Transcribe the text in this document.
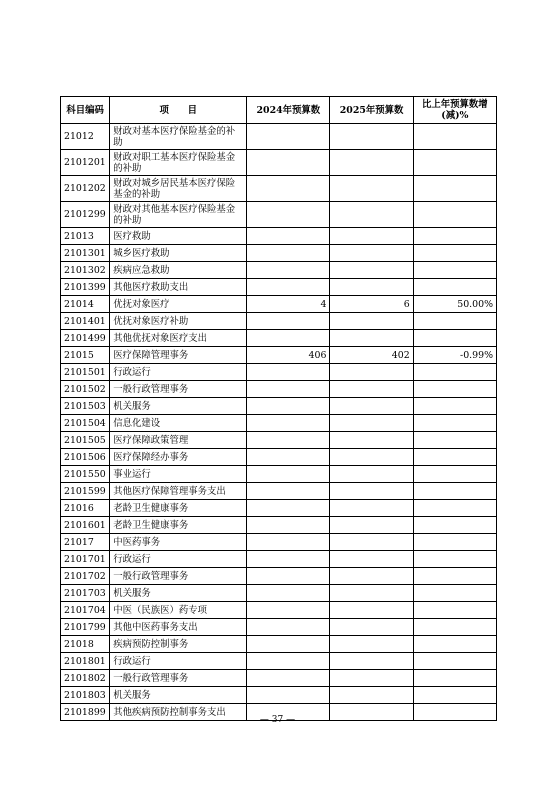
科目编码	项　　目	2024年预算数	2025年预算数	比上年预算数增(减)%
21012	财政对基本医疗保险基金的补助			
2101201	财政对职工基本医疗保险基金的补助			
2101202	财政对城乡居民基本医疗保险基金的补助			
2101299	财政对其他基本医疗保险基金的补助			
21013	医疗救助			
2101301	城乡医疗救助			
2101302	疾病应急救助			
2101399	其他医疗救助支出			
21014	优抚对象医疗	4	6	50.00%
2101401	优抚对象医疗补助			
2101499	其他优抚对象医疗支出			
21015	医疗保障管理事务	406	402	-0.99%
2101501	行政运行			
2101502	一般行政管理事务			
2101503	机关服务			
2101504	信息化建设			
2101505	医疗保障政策管理			
2101506	医疗保障经办事务			
2101550	事业运行			
2101599	其他医疗保障管理事务支出			
21016	老龄卫生健康事务			
2101601	老龄卫生健康事务			
21017	中医药事务			
2101701	行政运行			
2101702	一般行政管理事务			
2101703	机关服务			
2101704	中医（民族医）药专项			
2101799	其他中医药事务支出			
21018	疾病预防控制事务			
2101801	行政运行			
2101802	一般行政管理事务			
2101803	机关服务			
2101899	其他疾病预防控制事务支出			
— 37 —
